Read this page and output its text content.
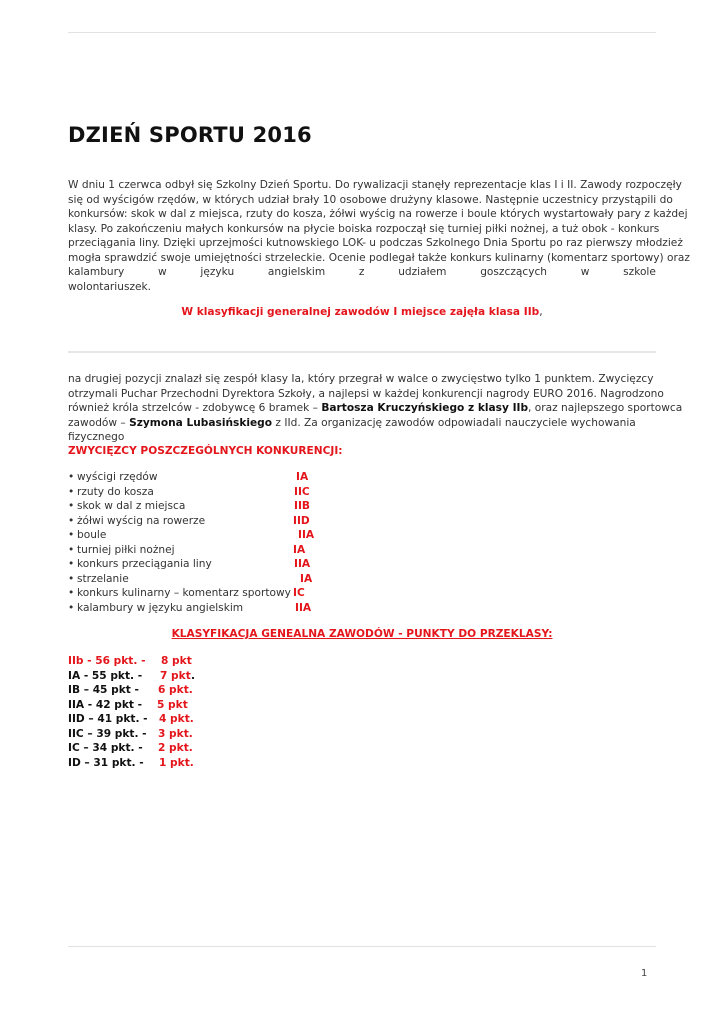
DZIEŃ SPORTU 2016
W dniu 1 czerwca odbył się Szkolny Dzień Sportu. Do rywalizacji stanęły reprezentacje klas I i II. Zawody rozpoczęły
się od wyścigów rzędów, w których udział brały 10 osobowe drużyny klasowe. Następnie uczestnicy przystąpili do
konkursów: skok w dal z miejsca, rzuty do kosza, żółwi wyścig na rowerze i boule których wystartowały pary z każdej
klasy. Po zakończeniu małych konkursów na płycie boiska rozpoczął się turniej piłki nożnej, a tuż obok - konkurs
przeciągania liny. Dzięki uprzejmości kutnowskiego LOK- u podczas Szkolnego Dnia Sportu po raz pierwszy młodzież
mogła sprawdzić swoje umiejętności strzeleckie. Ocenie podlegał także konkurs kulinarny (komentarz sportowy) oraz
kalambury	w	języku	angielskim	z	udziałem	goszczących	w	szkole
wolontariuszek.
W klasyfikacji generalnej zawodów I miejsce zajęła klasa IIb,
na drugiej pozycji znalazł się zespół klasy Ia, który przegrał w walce o zwycięstwo tylko 1 punktem. Zwycięzcy
otrzymali Puchar Przechodni Dyrektora Szkoły, a najlepsi w każdej konkurencji nagrody EURO 2016. Nagrodzono
również króla strzelców - zdobywcę 6 bramek – Bartosza Kruczyńskiego z klasy IIb, oraz najlepszego sportowca
zawodów – Szymona Lubasińskiego z IId. Za organizację zawodów odpowiadali nauczyciele wychowania
fizycznego
ZWYCIĘZCY POSZCZEGÓLNYCH KONKURENCJI:
• wyścigi rzędów	IA
• rzuty do kosza	IIC
• skok w dal z miejsca	IIB
• żółwi wyścig na rowerze	IID
• boule	IIA
• turniej piłki nożnej	IA
• konkurs przeciągania liny	IIA
• strzelanie	IA
• konkurs kulinarny – komentarz sportowy IC
• kalambury w języku angielskim	IIA
KLASYFIKACJA GENEALNA ZAWODÓW - PUNKTY DO PRZEKLASY:
IIb - 56 pkt. - 8 pkt
IA - 55 pkt. - 7 pkt .
IB – 45 pkt - 6 pkt.
IIA - 42 pkt - 5 pkt
IID – 41 pkt. - 4 pkt.
IIC – 39 pkt. - 3 pkt.
IC – 34 pkt. - 2 pkt.
ID – 31 pkt. - 1 pkt.
1
